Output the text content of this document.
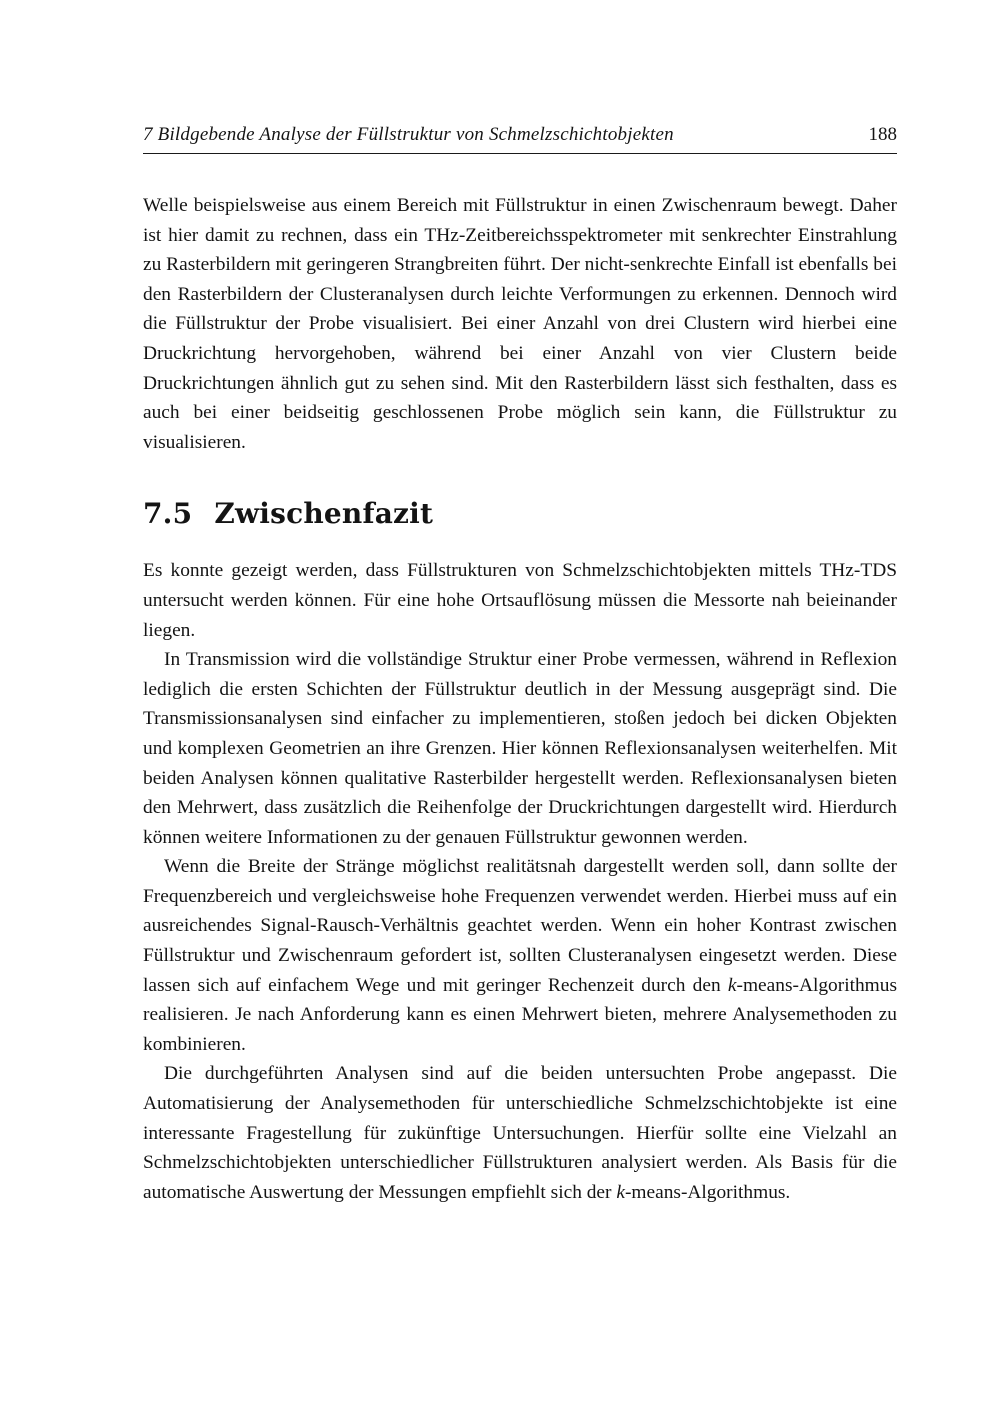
7 Bildgebende Analyse der Füllstruktur von Schmelzschichtobjekten	188

Welle beispielsweise aus einem Bereich mit Füllstruktur in einen Zwischenraum bewegt. Daher ist hier damit zu rechnen, dass ein THz-Zeitbereichsspektrometer mit senkrechter Einstrahlung zu Rasterbildern mit geringeren Strangbreiten führt. Der nicht-senkrechte Einfall ist ebenfalls bei den Rasterbildern der Clusteranalysen durch leichte Verformungen zu erkennen. Dennoch wird die Füllstruktur der Probe visualisiert. Bei einer Anzahl von drei Clustern wird hierbei eine Druckrichtung hervorgehoben, während bei einer Anzahl von vier Clustern beide Druckrichtungen ähnlich gut zu sehen sind. Mit den Rasterbildern lässt sich festhalten, dass es auch bei einer beidseitig geschlossenen Probe möglich sein kann, die Füllstruktur zu visualisieren.

7.5 Zwischenfazit

Es konnte gezeigt werden, dass Füllstrukturen von Schmelzschichtobjekten mittels THz-TDS untersucht werden können. Für eine hohe Ortsauflösung müssen die Messorte nah beieinander liegen.

In Transmission wird die vollständige Struktur einer Probe vermessen, während in Reflexion lediglich die ersten Schichten der Füllstruktur deutlich in der Messung ausgeprägt sind. Die Transmissionsanalysen sind einfacher zu implementieren, stoßen jedoch bei dicken Objekten und komplexen Geometrien an ihre Grenzen. Hier können Reflexionsanalysen weiterhelfen. Mit beiden Analysen können qualitative Rasterbilder hergestellt werden. Reflexionsanalysen bieten den Mehrwert, dass zusätzlich die Reihenfolge der Druckrichtungen dargestellt wird. Hierdurch können weitere Informationen zu der genauen Füllstruktur gewonnen werden.

Wenn die Breite der Stränge möglichst realitätsnah dargestellt werden soll, dann sollte der Frequenzbereich und vergleichsweise hohe Frequenzen verwendet werden. Hierbei muss auf ein ausreichendes Signal-Rausch-Verhältnis geachtet werden. Wenn ein hoher Kontrast zwischen Füllstruktur und Zwischenraum gefordert ist, sollten Clusteranalysen eingesetzt werden. Diese lassen sich auf einfachem Wege und mit geringer Rechenzeit durch den k-means-Algorithmus realisieren. Je nach Anforderung kann es einen Mehrwert bieten, mehrere Analysemethoden zu kombinieren.

Die durchgeführten Analysen sind auf die beiden untersuchten Probe angepasst. Die Automatisierung der Analysemethoden für unterschiedliche Schmelzschichtobjekte ist eine interessante Fragestellung für zukünftige Untersuchungen. Hierfür sollte eine Vielzahl an Schmelzschichtobjekten unterschiedlicher Füllstrukturen analysiert werden. Als Basis für die automatische Auswertung der Messungen empfiehlt sich der k-means-Algorithmus.
